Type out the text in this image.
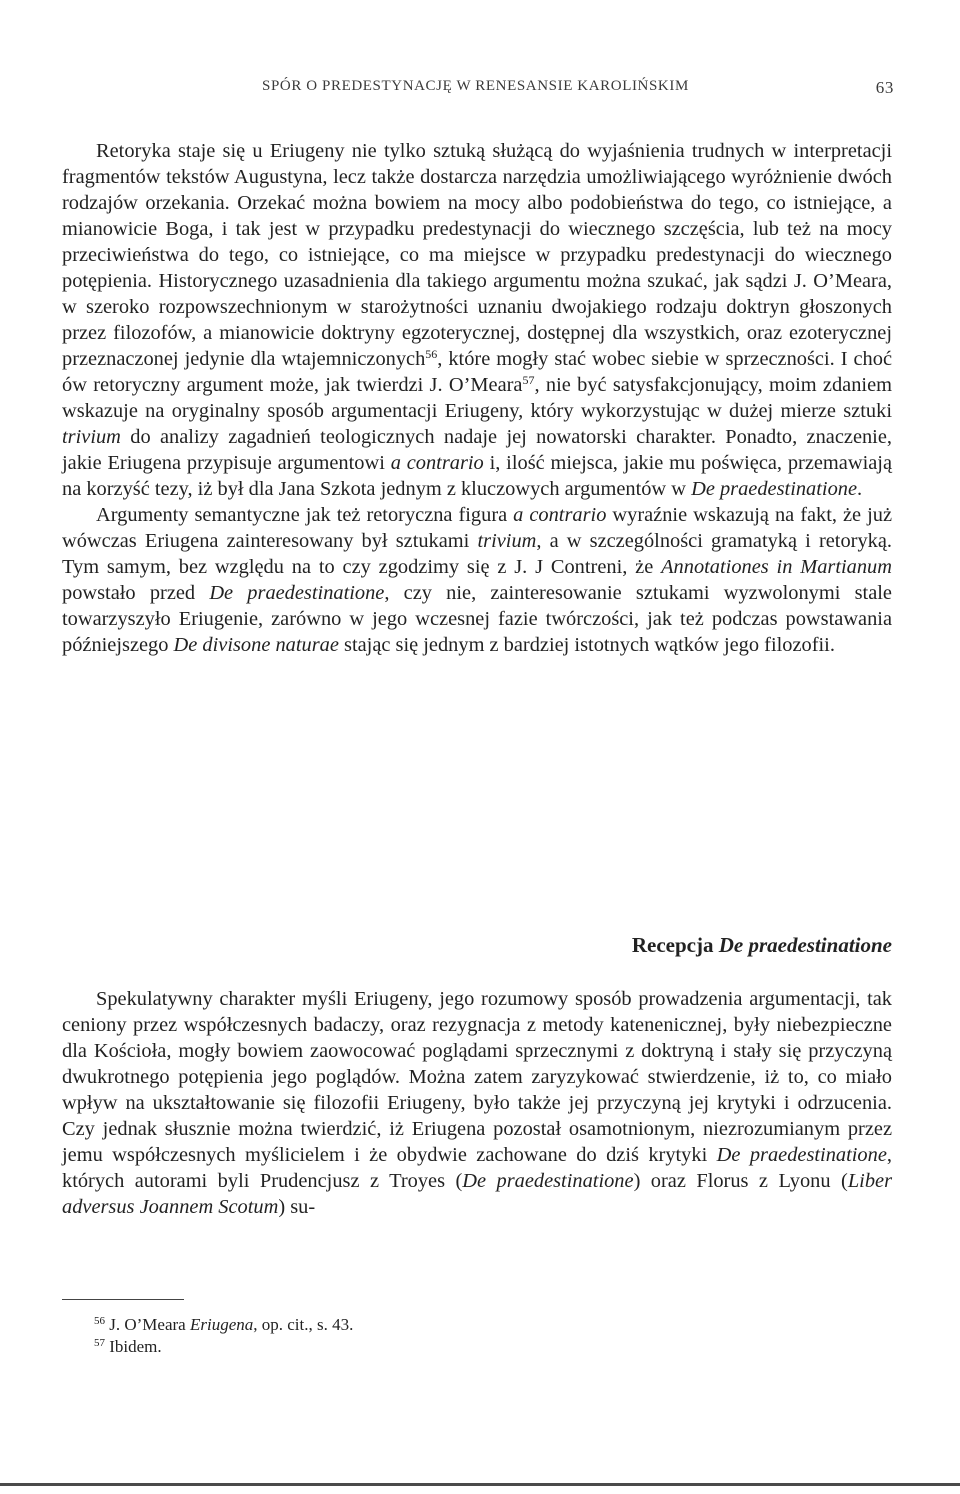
SPÓR O PREDESTYNACJĘ W RENESANSIE KAROLIŃSKIM	63

Retoryka staje się u Eriugeny nie tylko sztuką służącą do wyjaśnienia trudnych w interpretacji fragmentów tekstów Augustyna, lecz także dostarcza narzędzia umożliwiającego wyróżnienie dwóch rodzajów orzekania. Orzekać można bowiem na mocy albo podobieństwa do tego, co istniejące, a mianowicie Boga, i tak jest w przypadku predestynacji do wiecznego szczęścia, lub też na mocy przeciwieństwa do tego, co istniejące, co ma miejsce w przypadku predestynacji do wiecznego potępienia. Historycznego uzasadnienia dla takiego argumentu można szukać, jak sądzi J. O’Meara, w szeroko rozpowszechnionym w starożytności uznaniu dwojakiego rodzaju doktryn głoszonych przez filozofów, a mianowicie doktryny egzoterycznej, dostępnej dla wszystkich, oraz ezoterycznej przeznaczonej jedynie dla wtajemniczonych$^{56}$, które mogły stać wobec siebie w sprzeczności. I choć ów retoryczny argument może, jak twierdzi J. O’Meara$^{57}$, nie być satysfakcjonujący, moim zdaniem wskazuje na oryginalny sposób argumentacji Eriugeny, który wykorzystując w dużej mierze sztuki trivium do analizy zagadnień teologicznych nadaje jej nowatorski charakter. Ponadto, znaczenie, jakie Eriugena przypisuje argumentowi a contrario i, ilość miejsca, jakie mu poświęca, przemawiają na korzyść tezy, iż był dla Jana Szkota jednym z kluczowych argumentów w De praedestinatione.

Argumenty semantyczne jak też retoryczna figura a contrario wyraźnie wskazują na fakt, że już wówczas Eriugena zainteresowany był sztukami trivium, a w szczególności gramatyką i retoryką. Tym samym, bez względu na to czy zgodzimy się z J. J Contreni, że Annotationes in Martianum powstało przed De praedestinatione, czy nie, zainteresowanie sztukami wyzwolonymi stale towarzyszyło Eriugenie, zarówno w jego wczesnej fazie twórczości, jak też podczas powstawania późniejszego De divisone naturae stając się jednym z bardziej istotnych wątków jego filozofii.

Recepcja De praedestinatione

Spekulatywny charakter myśli Eriugeny, jego rozumowy sposób prowadzenia argumentacji, tak ceniony przez współczesnych badaczy, oraz rezygnacja z metody katenenicznej, były niebezpieczne dla Kościoła, mogły bowiem zaowocować poglądami sprzecznymi z doktryną i stały się przyczyną dwukrotnego potępienia jego poglądów. Można zatem zaryzykować stwierdzenie, iż to, co miało wpływ na ukształtowanie się filozofii Eriugeny, było także jej przyczyną jej krytyki i odrzucenia. Czy jednak słusznie można twierdzić, iż Eriugena pozostał osamotnionym, niezrozumianym przez jemu współczesnych myślicielem i że obydwie zachowane do dziś krytyki De praedestinatione, których autorami byli Prudencjusz z Troyes (De praedestinatione) oraz Florus z Lyonu (Liber adversus Joannem Scotum) su-

$^{56}$ J. O’Meara Eriugena, op. cit., s. 43.
$^{57}$ Ibidem.
